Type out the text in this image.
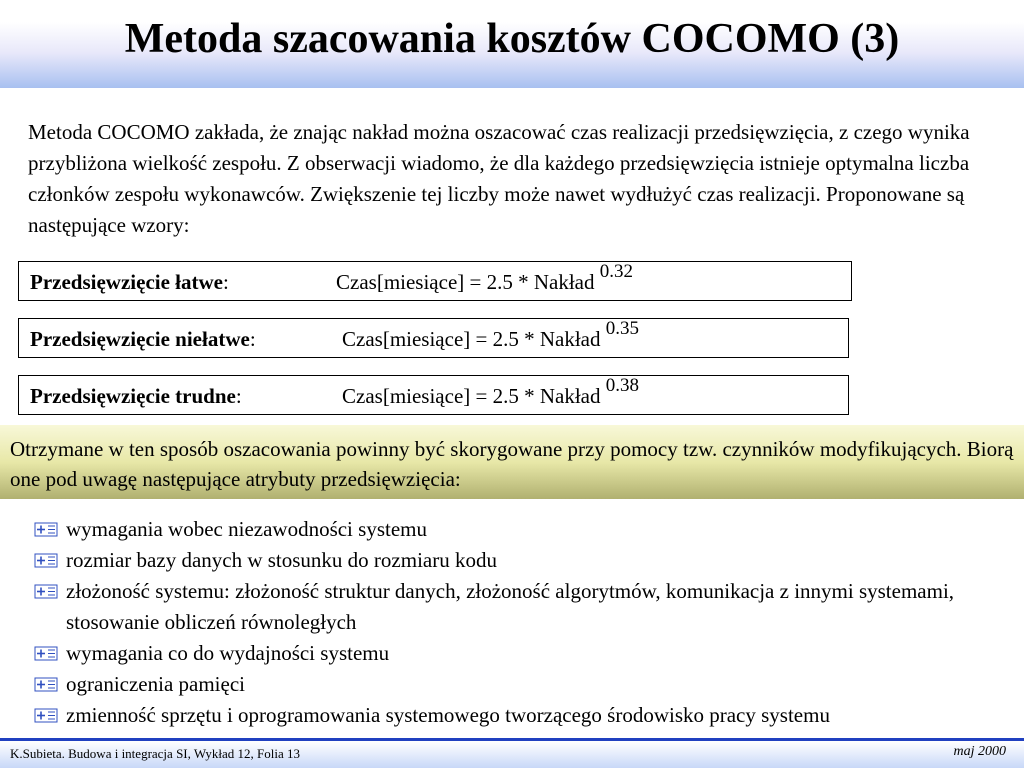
Metoda szacowania kosztów COCOMO (3)
Metoda COCOMO zakłada, że znając nakład można oszacować czas realizacji przedsięwzięcia, z czego wynika przybliżona wielkość zespołu. Z obserwacji wiadomo, że dla każdego przedsięwzięcia istnieje optymalna liczba członków zespołu wykonawców. Zwiększenie tej liczby może nawet wydłużyć czas realizacji. Proponowane są następujące wzory:
Przedsięwzięcie łatwe:	Czas[miesiące] = 2.5 * Nakład $^{0.32}$
Przedsięwzięcie niełatwe:	Czas[miesiące] = 2.5 * Nakład $^{0.35}$
Przedsięwzięcie trudne:	Czas[miesiące] = 2.5 * Nakład $^{0.38}$
Otrzymane w ten sposób oszacowania powinny być skorygowane przy pomocy tzw. czynników modyfikujących. Biorą one pod uwagę następujące atrybuty przedsięwzięcia:
wymagania wobec niezawodności systemu
rozmiar bazy danych w stosunku do rozmiaru kodu
złożoność systemu: złożoność struktur danych, złożoność algorytmów, komunikacja z innymi systemami, stosowanie obliczeń równoległych
wymagania co do wydajności systemu
ograniczenia pamięci
zmienność sprzętu i oprogramowania systemowego tworzącego środowisko pracy systemu
K.Subieta. Budowa i integracja SI, Wykład 12, Folia 13	maj 2000
